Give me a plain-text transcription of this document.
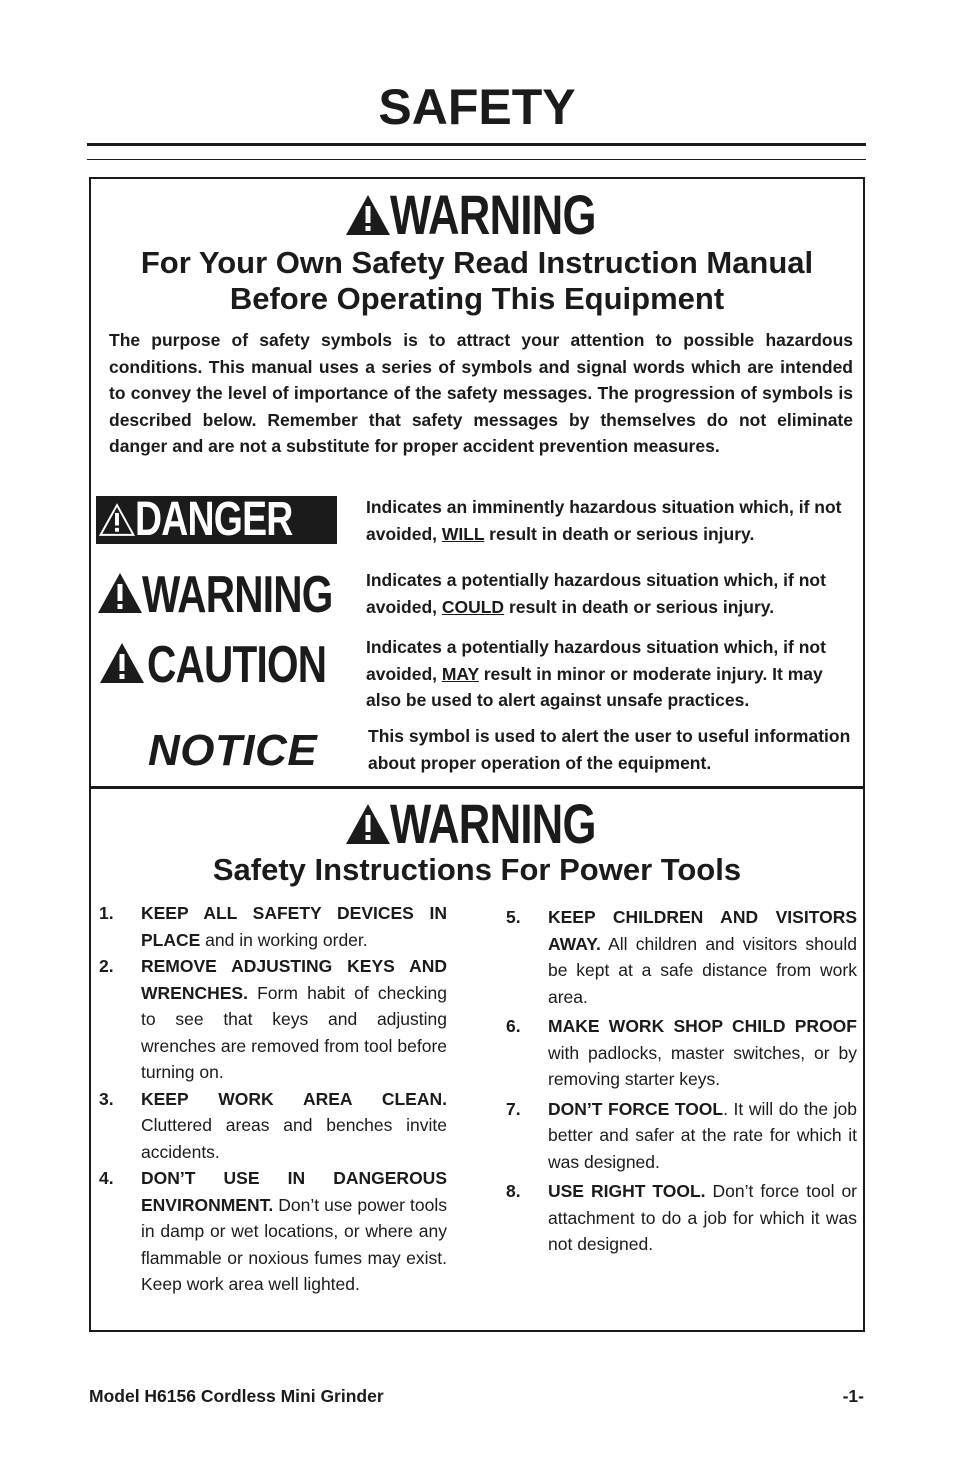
SAFETY
WARNING

For Your Own Safety Read Instruction Manual

Before Operating This Equipment

The purpose of safety symbols is to attract your attention to possible hazardous conditions. This manual uses a series of symbols and signal words which are intended to convey the level of importance of the safety messages. The progression of symbols is described below. Remember that safety messages by themselves do not eliminate danger and are not a substitute for proper accident prevention measures.

DANGER	Indicates an imminently hazardous situation which, if not avoided, WILL result in death or serious injury.

WARNING Indicates a potentially hazardous situation which, if not avoided, COULD result in death or serious injury.

CAUTION Indicates a potentially hazardous situation which, if not avoided, MAY result in minor or moderate injury. It may also be used to alert against unsafe practices.

NOTICE	This symbol is used to alert the user to useful information about proper operation of the equipment.

WARNING

Safety Instructions For Power Tools

1. KEEP ALL SAFETY DEVICES IN PLACE and in working order.
2. REMOVE ADJUSTING KEYS AND WRENCHES. Form habit of checking to see that keys and adjusting wrenches are removed from tool before turning on.
3. KEEP WORK AREA CLEAN. Cluttered areas and benches invite accidents.
4. DON’T USE IN DANGEROUS ENVIRONMENT. Don’t use power tools in damp or wet locations, or where any flammable or noxious fumes may exist. Keep work area well lighted.
5. KEEP CHILDREN AND VISITORS AWAY. All children and visitors should be kept at a safe distance from work area.
6. MAKE WORK SHOP CHILD PROOF with padlocks, master switches, or by removing starter keys.
7. DON’T FORCE TOOL. It will do the job better and safer at the rate for which it was designed.
8. USE RIGHT TOOL. Don’t force tool or attachment to do a job for which it was not designed.
Model H6156 Cordless Mini Grinder	-1-
